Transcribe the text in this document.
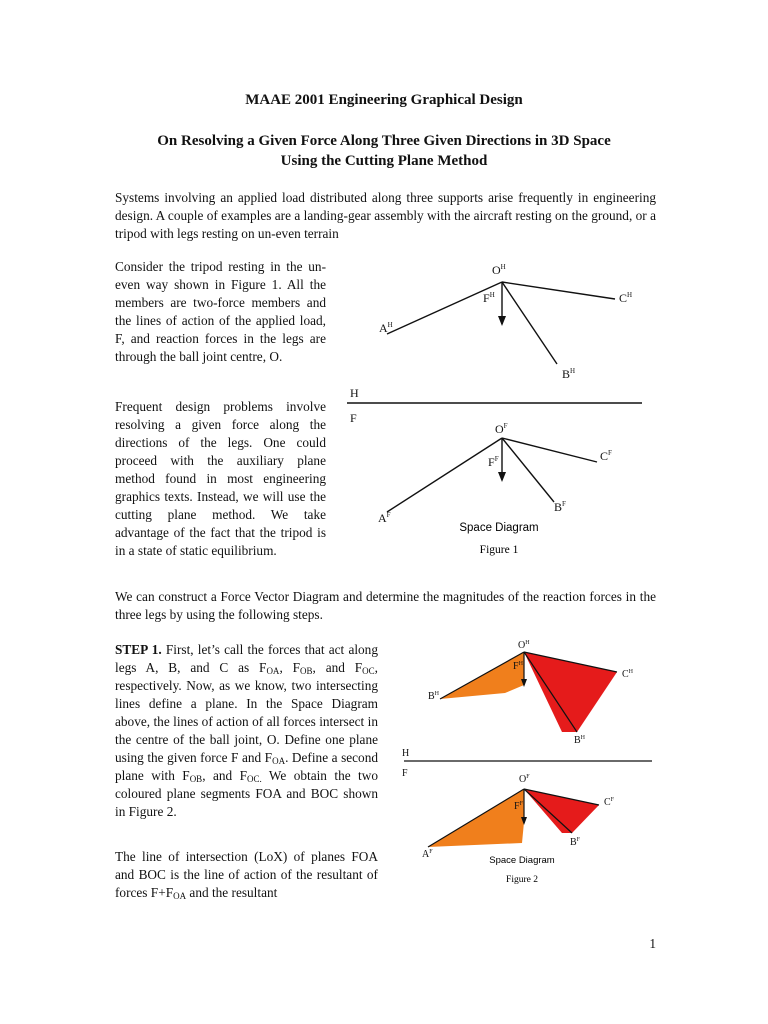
MAAE 2001 Engineering Graphical Design
On Resolving a Given Force Along Three Given Directions in 3D Space
Using the Cutting Plane Method

Systems involving an applied load distributed along three supports arise frequently in engineering design. A couple of examples are a landing-gear assembly with the aircraft resting on the ground, or a tripod with legs resting on un-even terrain

Consider the tripod resting in the un-even way shown in Figure 1. All the members are two-force members and the lines of action of the applied load, F, and reaction forces in the legs are through the ball joint centre, O.

Frequent design problems involve resolving a given force along the directions of the legs. One could proceed with the auxiliary plane method found in most engineering graphics texts. Instead, we will use the cutting plane method. We take advantage of the fact that the tripod is in a state of static equilibrium.

$O^H$
$F^H$
$A^H$
$B^H$
$C^H$
H
F
$O^F$
$F^F$
$A^F$
$B^F$
$C^F$
Space Diagram
Figure 1

We can construct a Force Vector Diagram and determine the magnitudes of the reaction forces in the three legs by using the following steps.

STEP 1. First, let’s call the forces that act along legs A, B, and C as $F_{OA}$, $F_{OB}$, and $F_{OC}$, respectively. Now, as we know, two intersecting lines define a plane. In the Space Diagram above, the lines of action of all forces intersect in the centre of the ball joint, O. Define one plane using the given force F and $F_{OA}$. Define a second plane with $F_{OB}$, and $F_{OC.}$ We obtain the two coloured plane segments FOA and BOC shown in Figure 2.

The line of intersection (LoX) of planes FOA and BOC is the line of action of the resultant of forces $F+F_{OA}$ and the resultant

$O^H$
$F^H$
$B^H$
$B^H$
$C^H$
H
F
$O^F$
$F^F$
$A^F$
$B^F$
$C^F$
Space Diagram
Figure 2
1
